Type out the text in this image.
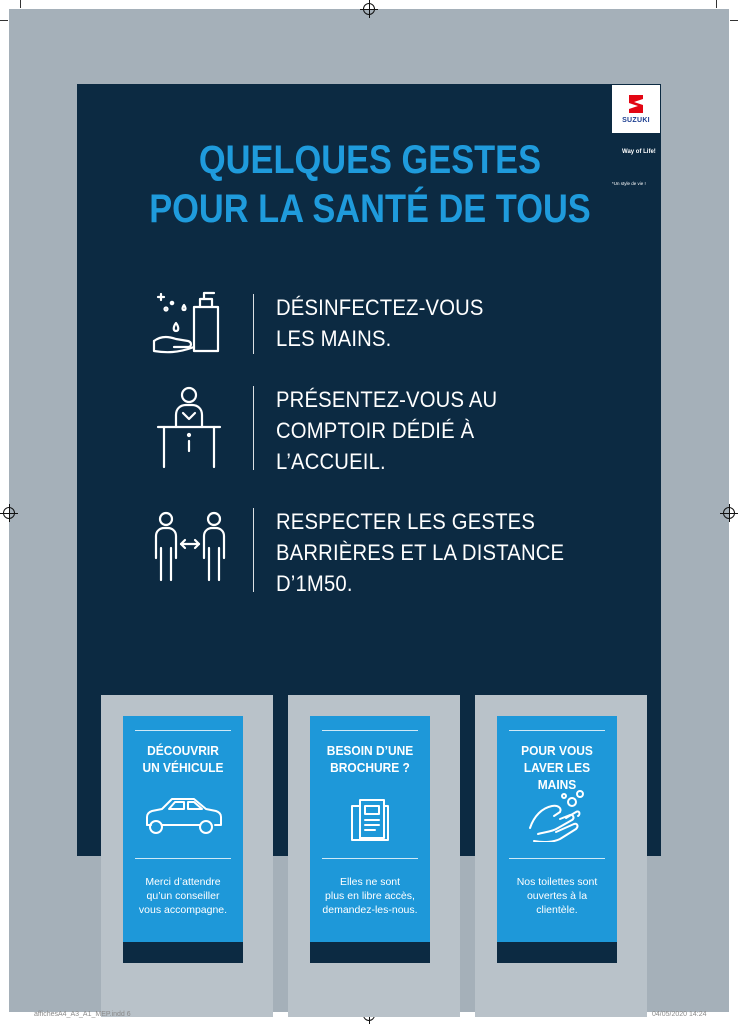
SUZUKI
Way of Life!
*Un style de vie !
QUELQUES GESTES
POUR LA SANTÉ DE TOUS
DÉSINFECTEZ-VOUS
LES MAINS.
PRÉSENTEZ-VOUS AU
COMPTOIR DÉDIÉ À
L’ACCUEIL.
RESPECTER LES GESTES
BARRIÈRES ET LA DISTANCE
D’1M50.
DÉCOUVRIR
UN VÉHICULE
Merci d’attendre
qu’un conseiller
vous accompagne.
BESOIN D’UNE
BROCHURE ?
Elles ne sont
plus en libre accès,
demandez-les-nous.
POUR VOUS
LAVER LES MAINS
Nos toilettes sont
ouvertes à la
clientèle.
affichesA4_A3_A1_MEP.indd 6	04/05/2020 14:24
